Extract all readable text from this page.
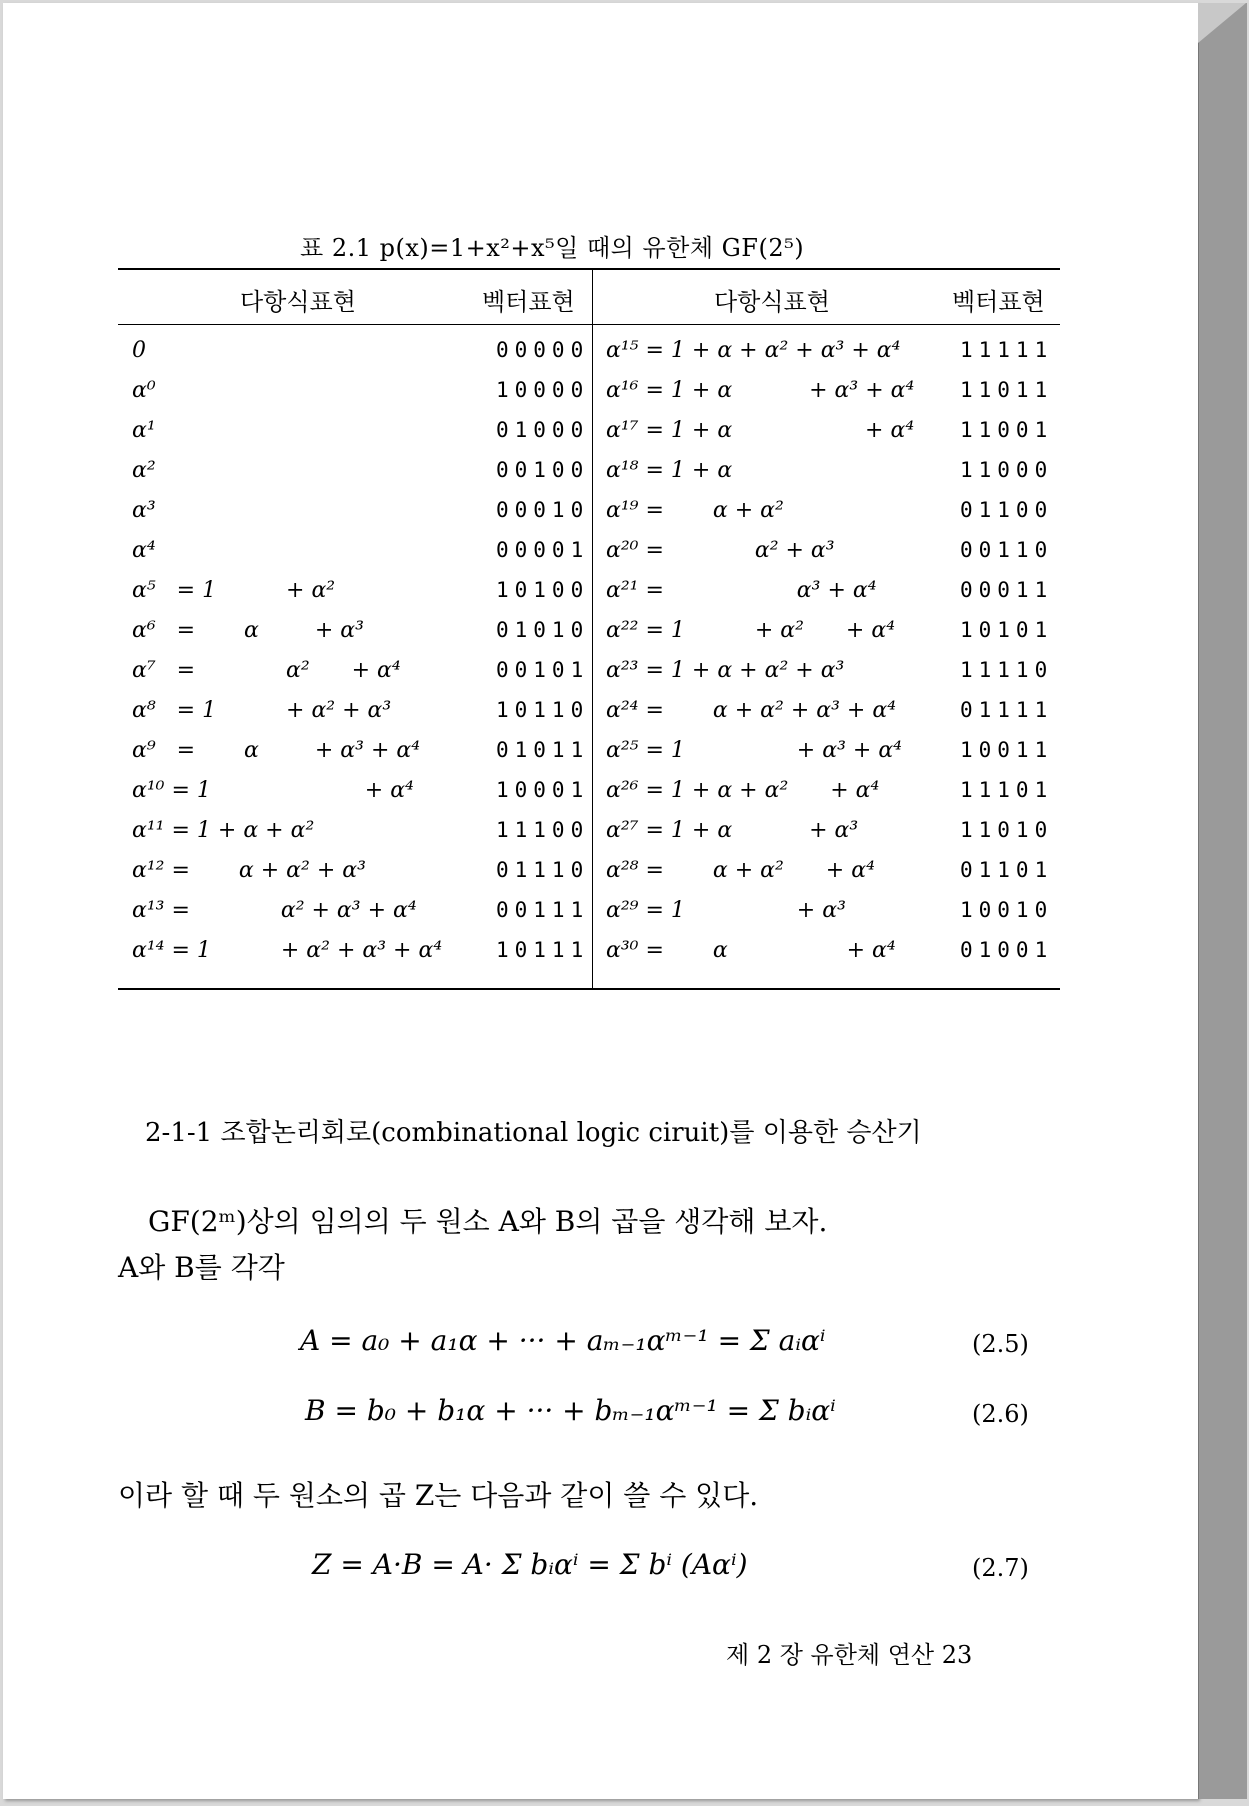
표 2.1 p(x)=1+x²+x⁵일 때의 유한체 GF(2⁵)
다항식표현	벡터표현	다항식표현	벡터표현
0	00000 α¹⁵ = 1 + α + α² + α³ + α⁴	11111
α⁰	10000 α¹⁶ = 1 + α           + α³ + α⁴ 11011
α¹	01000 α¹⁷ = 1 + α                   + α⁴ 11001
α²	00100 α¹⁸ = 1 + α	11000
α³	00010 α¹⁹ =       α + α²	01100
α⁴	00001 α²⁰ =             α² + α³	00110
α⁵   = 1          + α²	10100 α²¹ =                   α³ + α⁴	00011
α⁶   =       α        + α³	01010 α²² = 1          + α²      + α⁴	10101
α⁷   =             α²      + α⁴	00101 α²³ = 1 + α + α² + α³	11110
α⁸   = 1          + α² + α³	10110 α²⁴ =       α + α² + α³ + α⁴	01111
α⁹   =       α        + α³ + α⁴	01011 α²⁵ = 1                + α³ + α⁴	10011
α¹⁰ = 1                      + α⁴	10001 α²⁶ = 1 + α + α²      + α⁴	11101
α¹¹ = 1 + α + α²	11100 α²⁷ = 1 + α           + α³	11010
α¹² =       α + α² + α³	01110 α²⁸ =       α + α²      + α⁴	01101
α¹³ =             α² + α³ + α⁴	00111 α²⁹ = 1                + α³	10010
α¹⁴ = 1          + α² + α³ + α⁴	10111 α³⁰ =       α                 + α⁴	01001
2-1-1 조합논리회로(combinational logic ciruit)를 이용한 승산기
GF(2ᵐ)상의 임의의 두 원소 A와 B의 곱을 생각해 보자.
A와 B를 각각
A = a₀ + a₁α + ··· + aₘ₋₁αᵐ⁻¹ = Σ aᵢαⁱ	(2.5)
B = b₀ + b₁α + ··· + bₘ₋₁αᵐ⁻¹ = Σ bᵢαⁱ	(2.6)
이라 할 때 두 원소의 곱 Z는 다음과 같이 쓸 수 있다.
Z = A·B = A· Σ bᵢαⁱ = Σ bⁱ (Aαⁱ)	(2.7)
제 2 장 유한체 연산 23
